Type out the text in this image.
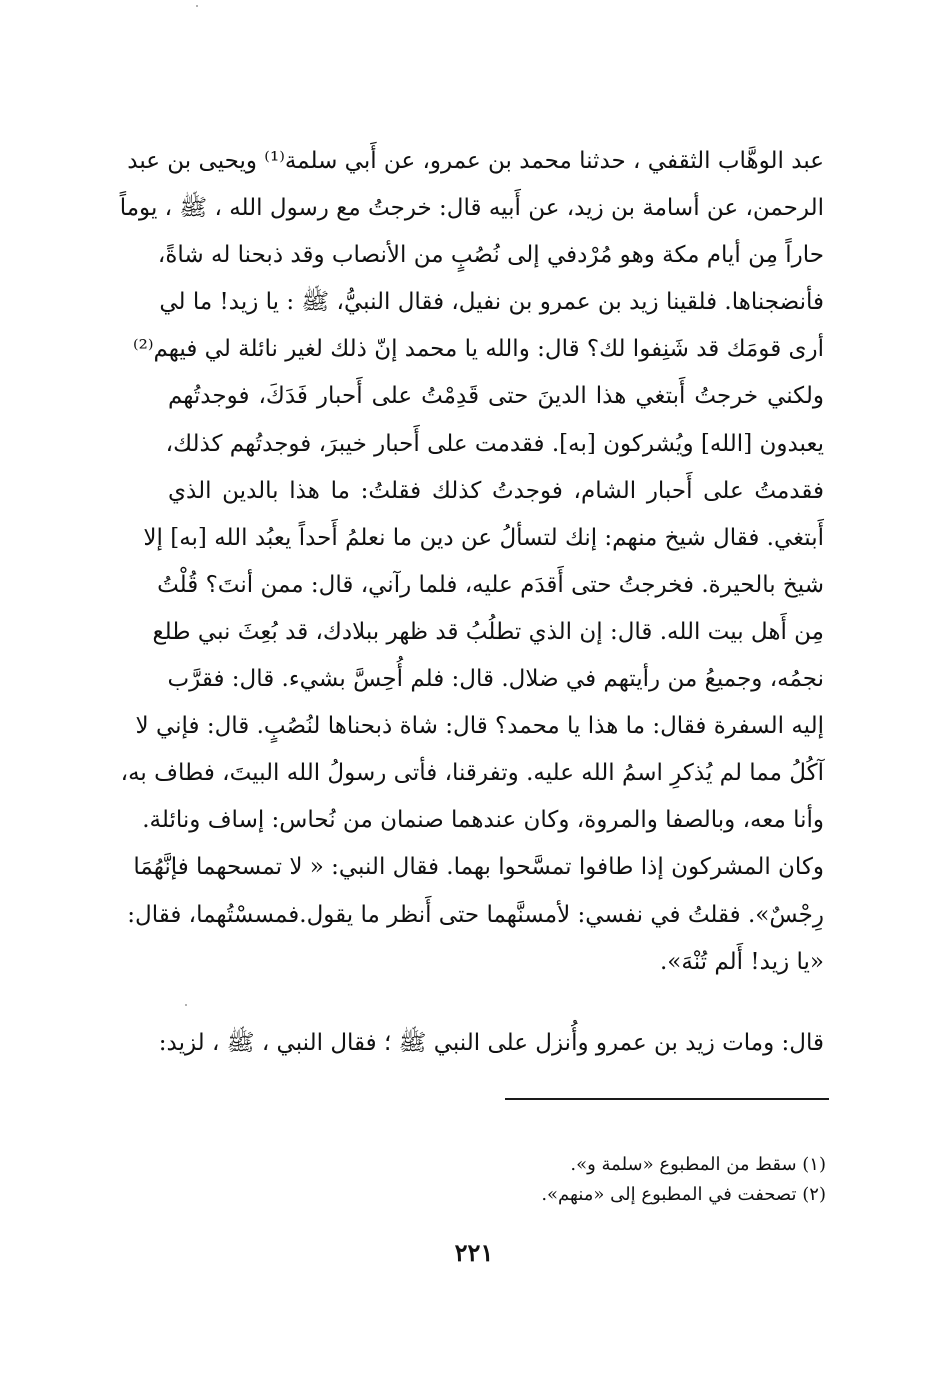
عبد الوهَّاب الثقفي ، حدثنا محمد بن عمرو، عن أَبي سلمة⁽¹⁾ ويحيى بن عبد
الرحمن، عن أسامة بن زيد، عن أَبيه قال: خرجتُ مع رسول الله ، ﷺ ، يوماً
حاراً مِن أيام مكة وهو مُرْدفي إلى نُصُبٍ من الأنصاب وقد ذبحنا له شاةً،
فأنضجناها. فلقينا زيد بن عمرو بن نفيل، فقال النبيُّ، ﷺ : يا زيد! ما لي
أرى قومَك قد شَنِفوا لك؟ قال: والله يا محمد إنّ ذلك لغير نائلة لي فيهم⁽²⁾
ولكني خرجتُ أَبتغي هذا الدينَ حتى قَدِمْتُ على أَحبار فَدَكَ، فوجدتُهم
يعبدون [الله] ويُشركون [به]. فقدمت على أَحبار خيبرَ، فوجدتُهم كذلك،
فقدمتُ على أَحبار الشام، فوجدتُ كذلك فقلتُ: ما هذا بالدين الذي
أَبتغي. فقال شيخ منهم: إنك لتسألُ عن دين ما نعلمُ أَحداً يعبُد الله [به] إلا
شيخ بالحيرة. فخرجتُ حتى أَقدَم عليه، فلما رآني، قال: ممن أنتَ؟ قُلْتُ
مِن أَهل بيت الله. قال: إن الذي تطلُبُ قد ظهر ببلادك، قد بُعِثَ نبي طلع
نجمُه، وجميعُ من رأيتهم في ضلال. قال: فلم أُحِسَّ بشيء. قال: فقرَّب
إليه السفرة فقال: ما هذا يا محمد؟ قال: شاة ذبحناها لنُصُبٍ. قال: فإني لا
آكُلُ مما لم يُذكرِ اسمُ الله عليه. وتفرقنا، فأتى رسولُ الله البيتَ، فطاف به،
وأنا معه، وبالصفا والمروة، وكان عندهما صنمان من نُحاس: إساف ونائلة.
وكان المشركون إذا طافوا تمسَّحوا بهما. فقال النبي: « لا تمسحهما فإنَّهُمَا
رِجْسٌ». فقلتُ في نفسي: لأمسنَّهما حتى أَنظر ما يقول.فمسسْتُهما، فقال:
«يا زيد! أَلم تُنْهَ».
قال: ومات زيد بن عمرو وأُنزل على النبي ﷺ ؛ فقال النبي ، ﷺ ، لزيد:
(١) سقط من المطبوع «سلمة و».
(٢) تصحفت في المطبوع إلى «منهم».
٢٢١
